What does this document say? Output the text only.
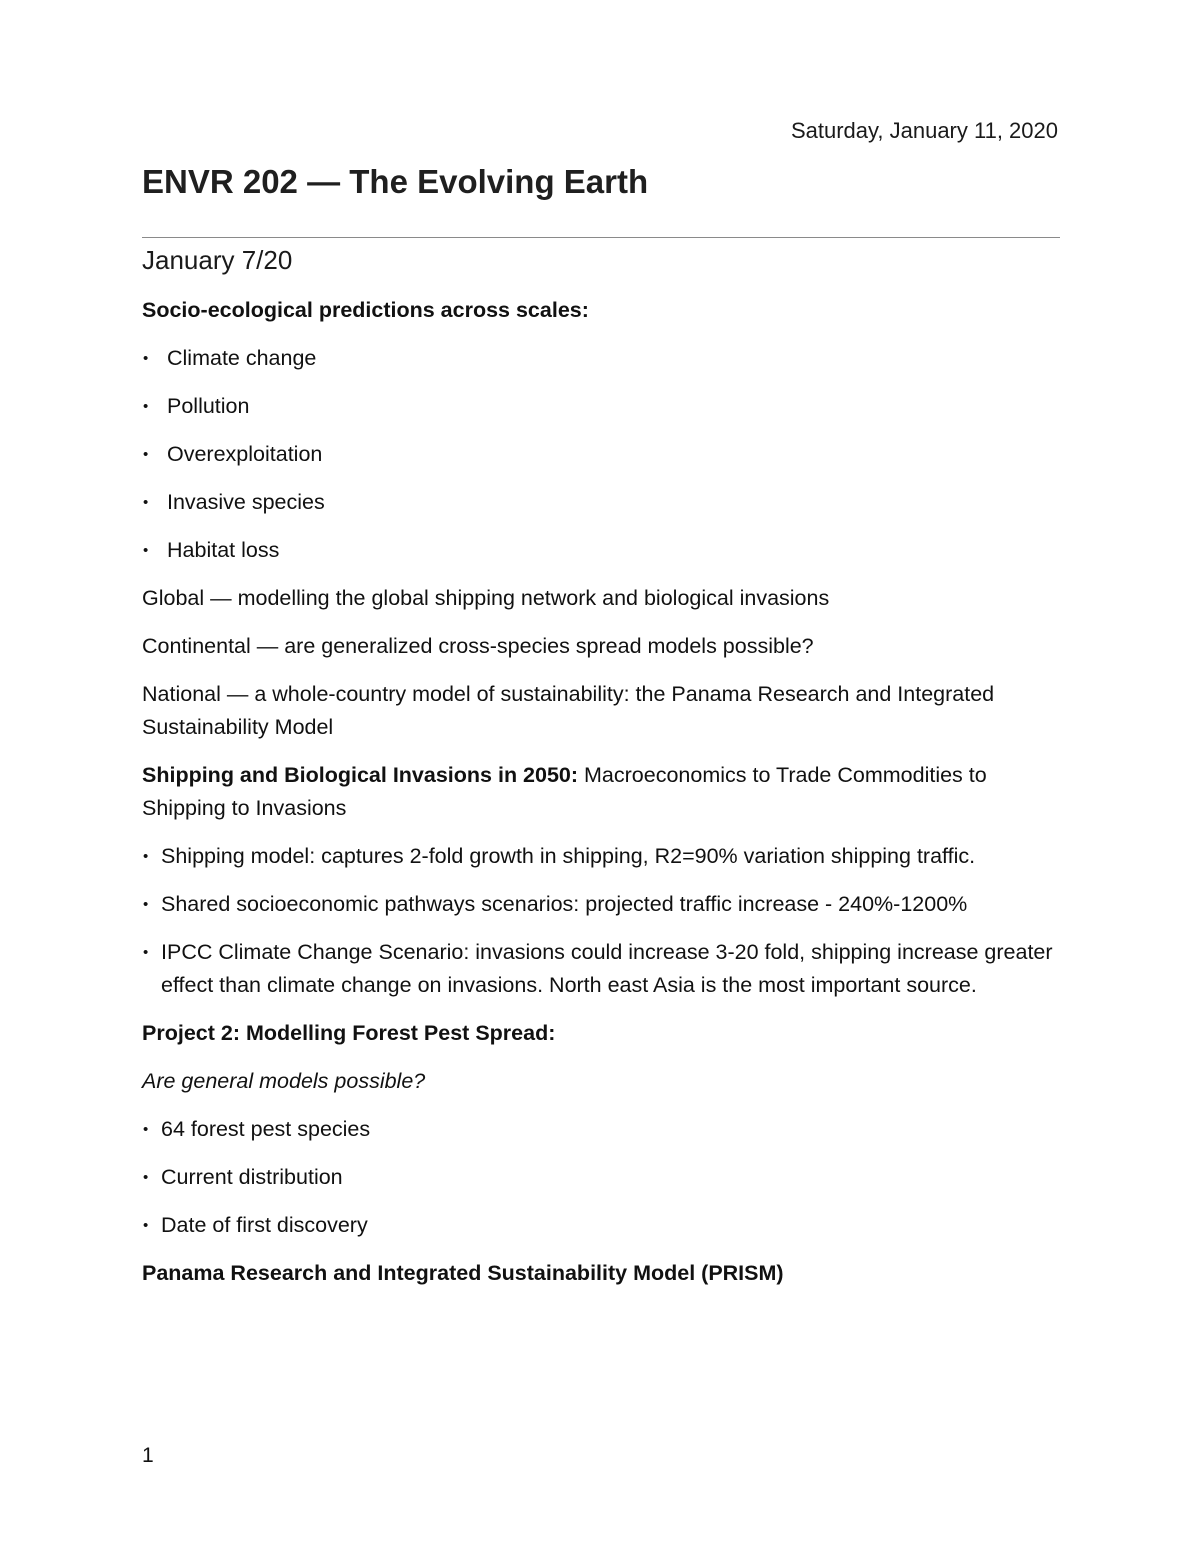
Saturday, January 11, 2020
ENVR 202 — The Evolving Earth
January 7/20

Socio-ecological predictions across scales:

• Climate change
• Pollution
• Overexploitation
• Invasive species
• Habitat loss

Global — modelling the global shipping network and biological invasions

Continental — are generalized cross-species spread models possible?

National — a whole-country model of sustainability: the Panama Research and Integrated Sustainability Model

Shipping and Biological Invasions in 2050: Macroeconomics to Trade Commodities to Shipping to Invasions

• Shipping model: captures 2-fold growth in shipping, R2=90% variation shipping traffic.
• Shared socioeconomic pathways scenarios: projected traffic increase - 240%-1200%
• IPCC Climate Change Scenario: invasions could increase 3-20 fold, shipping increase greater effect than climate change on invasions. North east Asia is the most important source.

Project 2: Modelling Forest Pest Spread:

Are general models possible?

• 64 forest pest species
• Current distribution
• Date of first discovery

Panama Research and Integrated Sustainability Model (PRISM)

1
